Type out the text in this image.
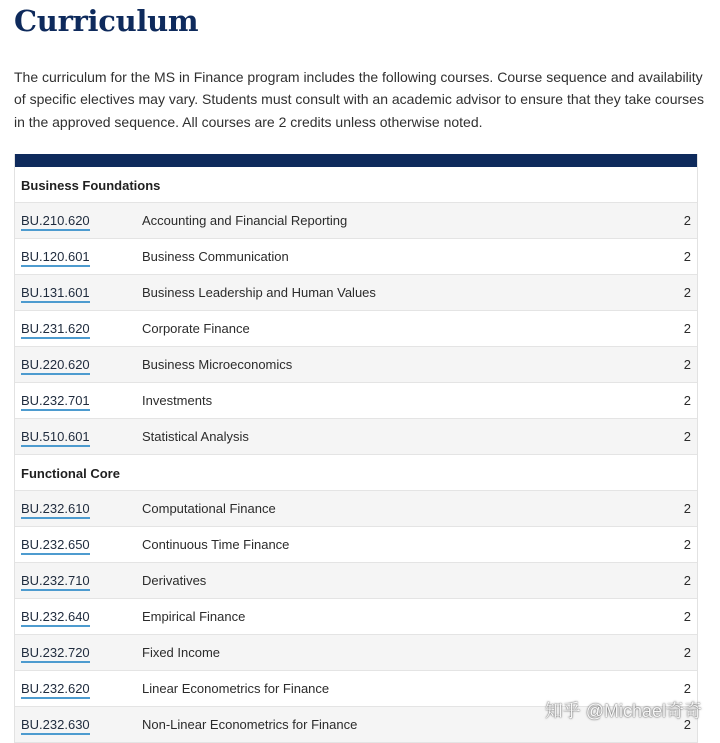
Curriculum

The curriculum for the MS in Finance program includes the following courses. Course sequence and availability of specific electives may vary. Students must consult with an academic advisor to ensure that they take courses in the approved sequence. All courses are 2 credits unless otherwise noted.

Business Foundations
BU.210.620	Accounting and Financial Reporting	2
BU.120.601	Business Communication	2
BU.131.601	Business Leadership and Human Values	2
BU.231.620	Corporate Finance	2
BU.220.620	Business Microeconomics	2
BU.232.701	Investments	2
BU.510.601	Statistical Analysis	2
Functional Core
BU.232.610	Computational Finance	2
BU.232.650	Continuous Time Finance	2
BU.232.710	Derivatives	2
BU.232.640	Empirical Finance	2
BU.232.720	Fixed Income	2
BU.232.620	Linear Econometrics for Finance	2
BU.232.630	Non-Linear Econometrics for Finance	2
知乎 @Michael奇奇
